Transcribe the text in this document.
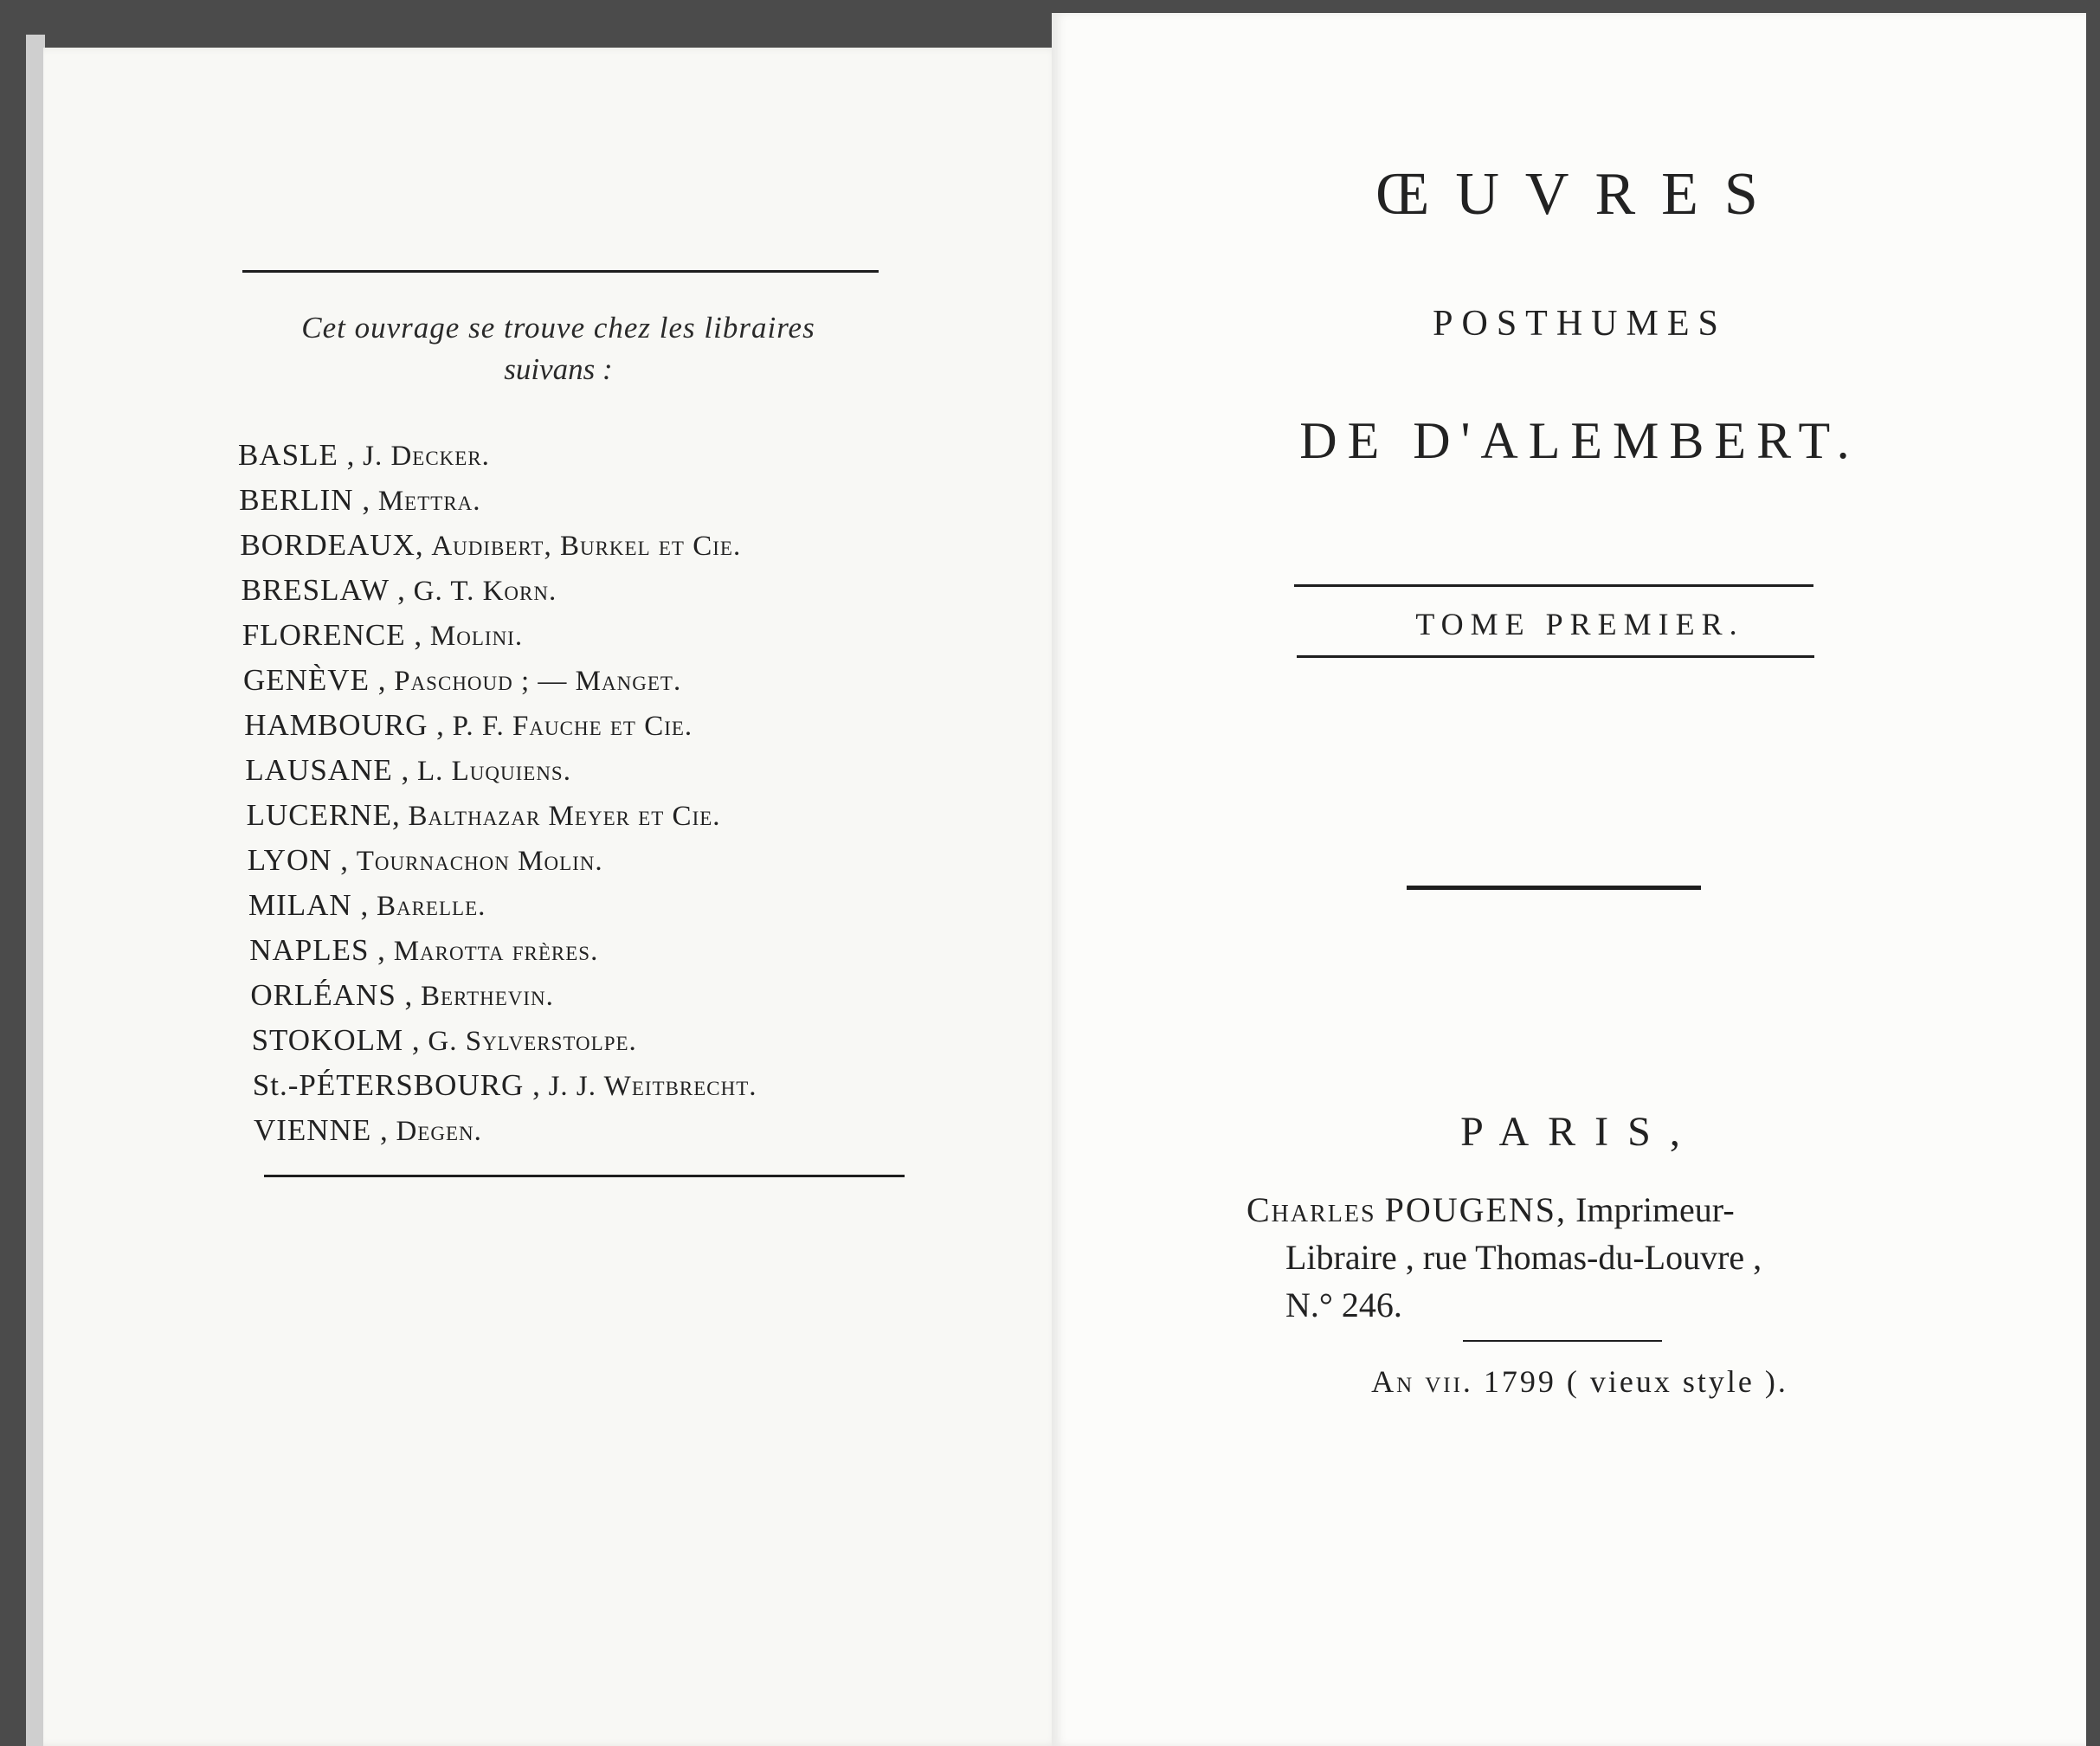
Cet ouvrage se trouve chez les libraires
suivans :
BASLE , J. Decker.
BERLIN , Mettra.
BORDEAUX, Audibert, Burkel et Cie.
BRESLAW , G. T. Korn.
FLORENCE , Molini.
GENÈVE , Paschoud ; — Manget.
HAMBOURG , P. F. Fauche et Cie.
LAUSANE , L. Luquiens.
LUCERNE, Balthazar Meyer et Cie.
LYON , Tournachon Molin.
MILAN , Barelle.
NAPLES , Marotta frères.
ORLÉANS , Berthevin.
STOKOLM , G. Sylverstolpe.
St.-PÉTERSBOURG , J. J. Weitbrecht.
VIENNE , Degen.
ŒUVRES
POSTHUMES
DE D'ALEMBERT.
TOME PREMIER.
PARIS,
Charles POUGENS, Imprimeur-
Libraire , rue Thomas-du-Louvre ,
N.° 246.
An vii. 1799 ( vieux style ).
